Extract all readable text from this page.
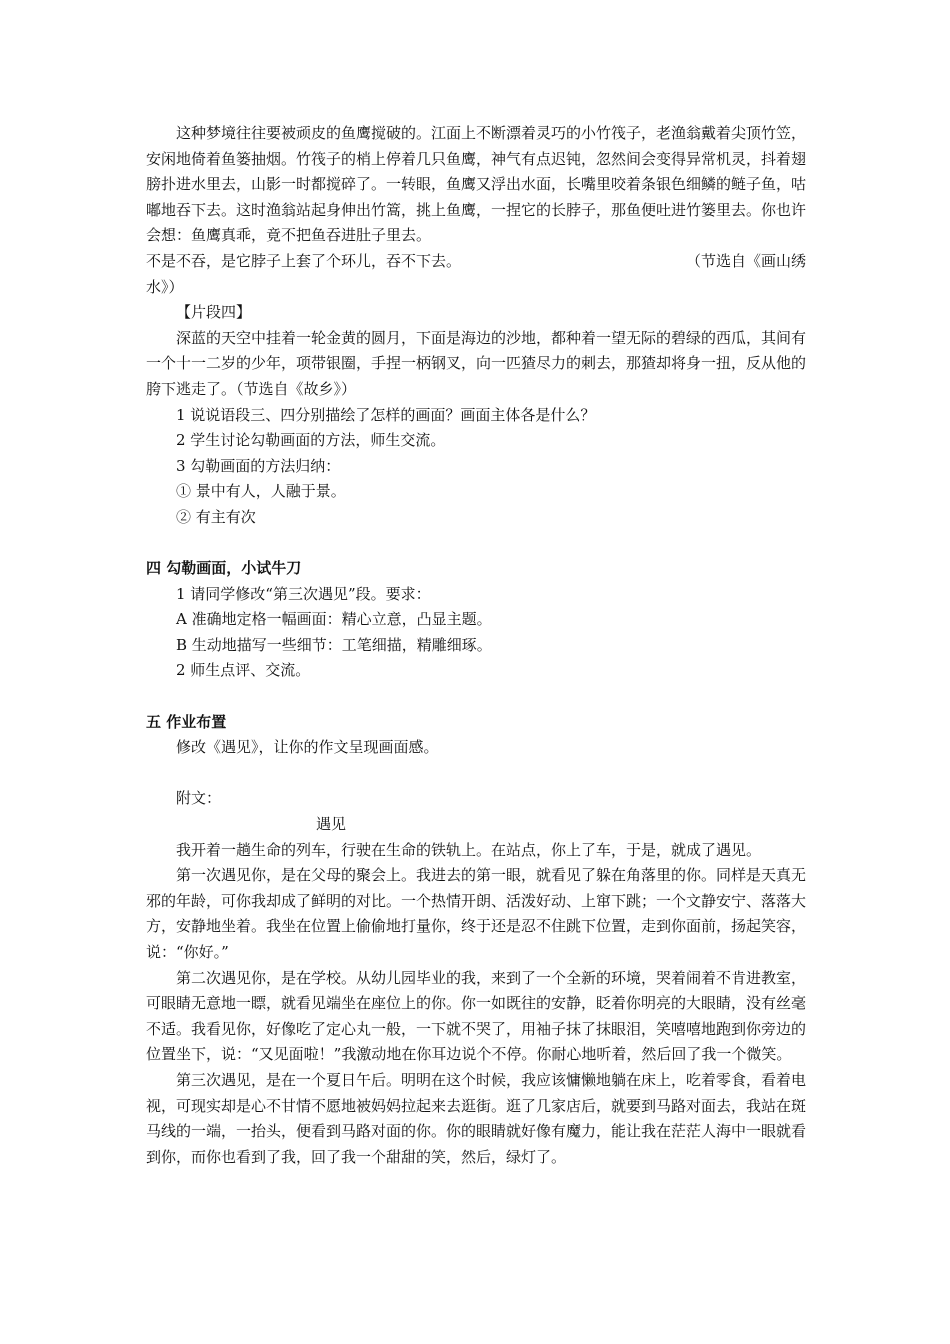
这种梦境往往要被顽皮的鱼鹰搅破的。江面上不断漂着灵巧的小竹筏子，老渔翁戴着尖顶竹笠，安闲地倚着鱼篓抽烟。竹筏子的梢上停着几只鱼鹰，神气有点迟钝，忽然间会变得异常机灵，抖着翅膀扑进水里去，山影一时都搅碎了。一转眼，鱼鹰又浮出水面，长嘴里咬着条银色细鳞的鲢子鱼，咕嘟地吞下去。这时渔翁站起身伸出竹篙，挑上鱼鹰，一捏它的长脖子，那鱼便吐进竹篓里去。你也许会想：鱼鹰真乖，竟不把鱼吞进肚子里去。

不是不吞，是它脖子上套了个环儿，吞不下去。	（节选自《画山绣

水》）

【片段四】

深蓝的天空中挂着一轮金黄的圆月，下面是海边的沙地，都种着一望无际的碧绿的西瓜，其间有一个十一二岁的少年，项带银圈，手捏一柄钢叉，向一匹猹尽力的刺去，那猹却将身一扭，反从他的胯下逃走了。（节选自《故乡》）

1 说说语段三、四分别描绘了怎样的画面？画面主体各是什么？

2 学生讨论勾勒画面的方法，师生交流。

3 勾勒画面的方法归纳：

① 景中有人，人融于景。

② 有主有次

四 勾勒画面，小试牛刀

1 请同学修改“第三次遇见”段。要求：

A 准确地定格一幅画面：精心立意，凸显主题。

B 生动地描写一些细节：工笔细描，精雕细琢。

2 师生点评、交流。

五 作业布置

修改《遇见》，让你的作文呈现画面感。

附文：

遇见

我开着一趟生命的列车，行驶在生命的铁轨上。在站点，你上了车，于是，就成了遇见。

第一次遇见你，是在父母的聚会上。我进去的第一眼，就看见了躲在角落里的你。同样是天真无邪的年龄，可你我却成了鲜明的对比。一个热情开朗、活泼好动、上窜下跳；一个文静安宁、落落大方，安静地坐着。我坐在位置上偷偷地打量你，终于还是忍不住跳下位置，走到你面前，扬起笑容，说：“你好。”

第二次遇见你，是在学校。从幼儿园毕业的我，来到了一个全新的环境，哭着闹着不肯进教室，可眼睛无意地一瞟，就看见端坐在座位上的你。你一如既往的安静，眨着你明亮的大眼睛，没有丝毫不适。我看见你，好像吃了定心丸一般，一下就不哭了，用袖子抹了抹眼泪，笑嘻嘻地跑到你旁边的位置坐下，说：“又见面啦！”我激动地在你耳边说个不停。你耐心地听着，然后回了我一个微笑。

第三次遇见，是在一个夏日午后。明明在这个时候，我应该慵懒地躺在床上，吃着零食，看着电视，可现实却是心不甘情不愿地被妈妈拉起来去逛街。逛了几家店后，就要到马路对面去，我站在斑马线的一端，一抬头，便看到马路对面的你。你的眼睛就好像有魔力，能让我在茫茫人海中一眼就看到你，而你也看到了我，回了我一个甜甜的笑，然后，绿灯了。
